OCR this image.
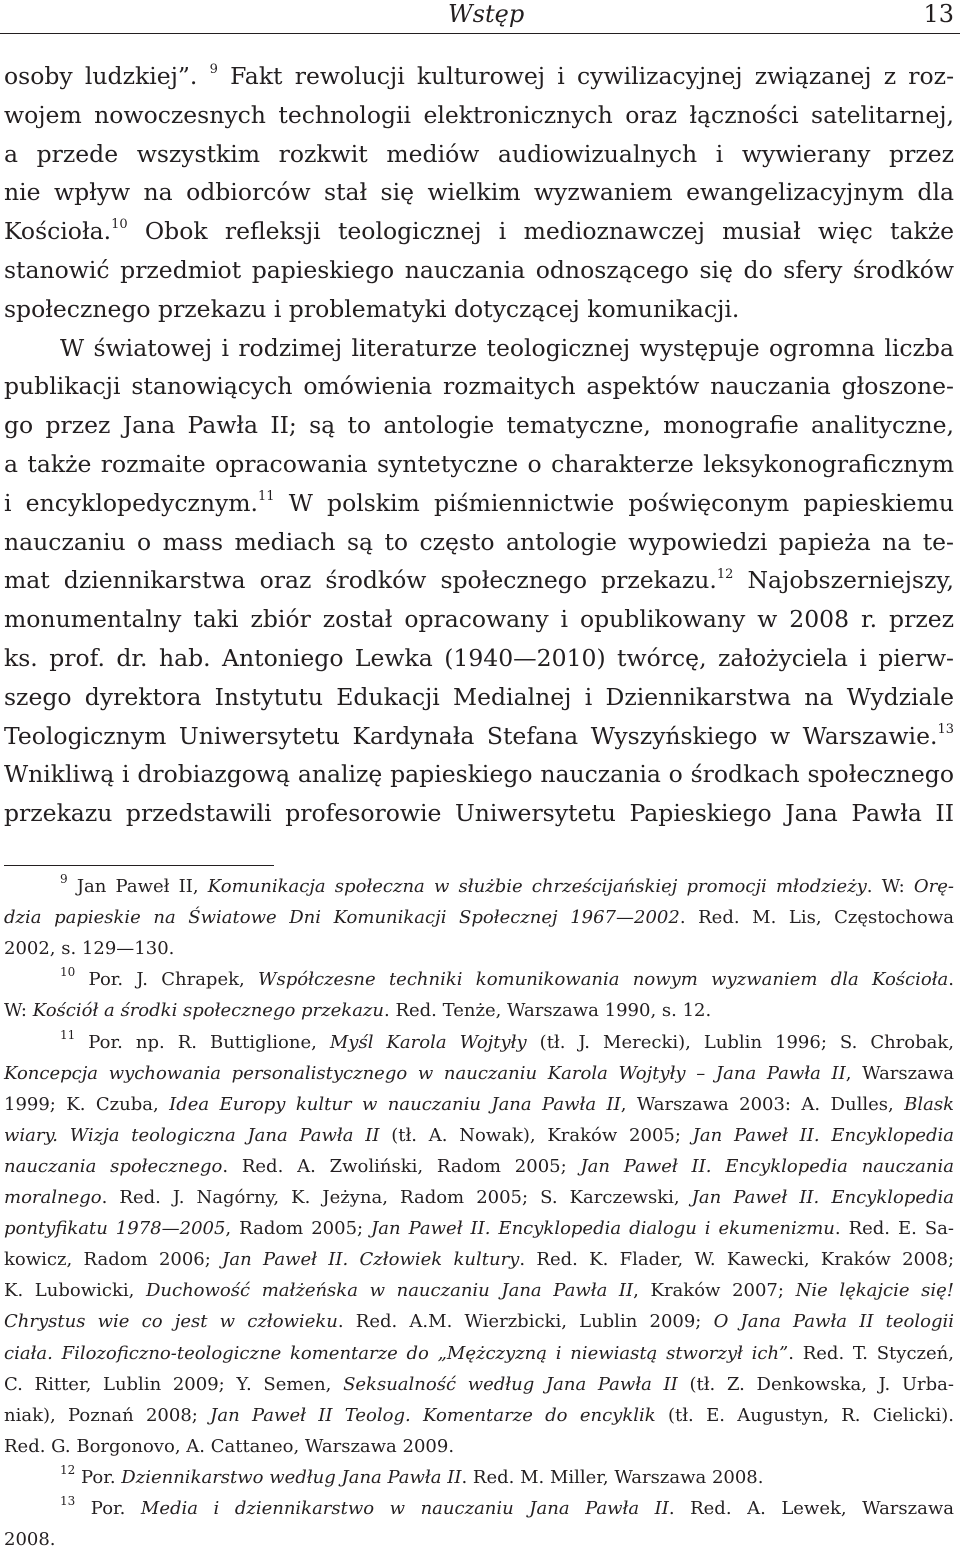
Wstęp	13
osoby ludzkiej”. $^9$ Fakt rewolucji kulturowej i cywilizacyjnej związanej z roz-
wojem nowoczesnych technologii elektronicznych oraz łączności satelitarnej,
a przede wszystkim rozkwit mediów audiowizualnych i wywierany przez
nie wpływ na odbiorców stał się wielkim wyzwaniem ewangelizacyjnym dla
Kościoła.$^{10}$ Obok refleksji teologicznej i medioznawczej musiał więc także
stanowić przedmiot papieskiego nauczania odnoszącego się do sfery środków
społecznego przekazu i problematyki dotyczącej komunikacji.
W światowej i rodzimej literaturze teologicznej występuje ogromna liczba
publikacji stanowiących omówienia rozmaitych aspektów nauczania głoszone-
go przez Jana Pawła II; są to antologie tematyczne, monografie analityczne,
a także rozmaite opracowania syntetyczne o charakterze leksykonograficznym
i encyklopedycznym.$^{11}$ W polskim piśmiennictwie poświęconym papieskiemu
nauczaniu o mass mediach są to często antologie wypowiedzi papieża na te-
mat dziennikarstwa oraz środków społecznego przekazu.$^{12}$ Najobszerniejszy,
monumentalny taki zbiór został opracowany i opublikowany w 2008 r. przez
ks. prof. dr. hab. Antoniego Lewka (1940—2010) twórcę, założyciela i pierw-
szego dyrektora Instytutu Edukacji Medialnej i Dziennikarstwa na Wydziale
Teologicznym Uniwersytetu Kardynała Stefana Wyszyńskiego w Warszawie.$^{13}$
Wnikliwą i drobiazgową analizę papieskiego nauczania o środkach społecznego
przekazu przedstawili profesorowie Uniwersytetu Papieskiego Jana Pawła II
$^9$ Jan Paweł II, Komunikacja społeczna w służbie chrześcijańskiej promocji młodzieży. W: Orę-
dzia papieskie na Światowe Dni Komunikacji Społecznej 1967—2002. Red. M. Lis, Częstochowa
2002, s. 129—130.
$^{10}$ Por. J. Chrapek, Współczesne techniki komunikowania nowym wyzwaniem dla Kościoła.
W: Kościół a środki społecznego przekazu. Red. Tenże, Warszawa 1990, s. 12.
$^{11}$ Por. np. R. Buttiglione, Myśl Karola Wojtyły (tł. J. Merecki), Lublin 1996; S. Chrobak,
Koncepcja wychowania personalistycznego w nauczaniu Karola Wojtyły – Jana Pawła II, Warszawa
1999; K. Czuba, Idea Europy kultur w nauczaniu Jana Pawła II, Warszawa 2003: A. Dulles, Blask
wiary. Wizja teologiczna Jana Pawła II (tł. A. Nowak), Kraków 2005; Jan Paweł II. Encyklopedia
nauczania społecznego. Red. A. Zwoliński, Radom 2005; Jan Paweł II. Encyklopedia nauczania
moralnego. Red. J. Nagórny, K. Jeżyna, Radom 2005; S. Karczewski, Jan Paweł II. Encyklopedia
pontyfikatu 1978—2005, Radom 2005; Jan Paweł II. Encyklopedia dialogu i ekumenizmu. Red. E. Sa-
kowicz, Radom 2006; Jan Paweł II. Człowiek kultury. Red. K. Flader, W. Kawecki, Kraków 2008;
K. Lubowicki, Duchowość małżeńska w nauczaniu Jana Pawła II, Kraków 2007; Nie lękajcie się!
Chrystus wie co jest w człowieku. Red. A.M. Wierzbicki, Lublin 2009; O Jana Pawła II teologii
ciała. Filozoficzno-teologiczne komentarze do „Mężczyzną i niewiastą stworzył ich”. Red. T. Styczeń,
C. Ritter, Lublin 2009; Y. Semen, Seksualność według Jana Pawła II (tł. Z. Denkowska, J. Urba-
niak), Poznań 2008; Jan Paweł II Teolog. Komentarze do encyklik (tł. E. Augustyn, R. Cielicki).
Red. G. Borgonovo, A. Cattaneo, Warszawa 2009.
$^{12}$ Por. Dziennikarstwo według Jana Pawła II. Red. M. Miller, Warszawa 2008.
$^{13}$ Por. Media i dziennikarstwo w nauczaniu Jana Pawła II. Red. A. Lewek, Warszawa
2008.
